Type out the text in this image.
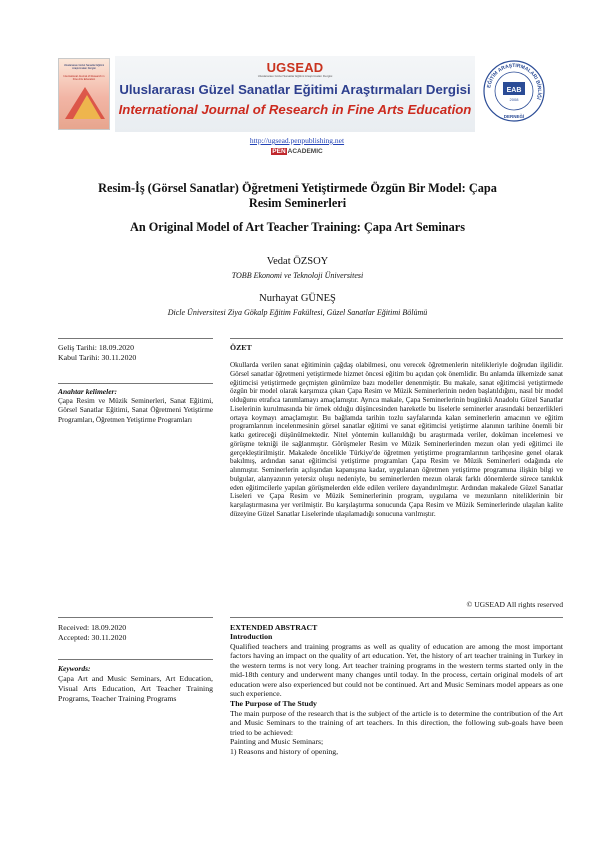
Uluslararası Güzel Sanatlar Eğitimi Araştırmaları Dergisi
International Journal of Research in Fine Arts Education
UGSEAD
Uluslararası Güzel Sanatlar Eğitimi Araştırmaları Dergisi
Uluslararası Güzel Sanatlar Eğitimi Araştırmaları Dergisi
International Journal of Research in Fine Arts Education
http://ugsead.penpublishing.net
PEN ACADEMIC
EĞİTİM ARAŞTIRMALARI BİRLİĞİ
EAB
2008
DERNEĞİ
Resim-İş (Görsel Sanatlar) Öğretmeni Yetiştirmede Özgün Bir Model: Çapa
Resim Seminerleri
An Original Model of Art Teacher Training: Çapa Art Seminars
Vedat ÖZSOY
TOBB Ekonomi ve Teknoloji Üniversitesi
Nurhayat GÜNEŞ
Dicle Üniversitesi Ziya Gökalp Eğitim Fakültesi, Güzel Sanatlar Eğitimi Bölümü
Geliş Tarihi: 18.09.2020
Kabul Tarihi: 30.11.2020
Anahtar kelimeler:
Çapa Resim ve Müzik Seminerleri, Sanat Eğitimi, Görsel Sanatlar Eğitimi, Sanat Öğretmeni Yetiştirme Programları, Öğretmen Yetiştirme Programları
ÖZET
Okullarda verilen sanat eğitiminin çağdaş olabilmesi, onu verecek öğretmenlerin nitelikleriyle doğrudan ilgilidir. Görsel sanatlar öğretmeni yetiştirmede hizmet öncesi eğitim bu açıdan çok önemlidir. Bu anlamda ülkemizde sanat eğitimcisi yetiştirmede geçmişten günümüze bazı modeller denenmiştir. Bu makale, sanat eğitimcisi yetiştirmede özgün bir model olarak karşımıza çıkan Çapa Resim ve Müzik Seminerlerinin neden başlatıldığını, nasıl bir model olduğunu etrafıca tanımlamayı amaçlamıştır. Ayrıca makale, Çapa Seminerlerinin bugünkü Anadolu Güzel Sanatlar Liselerinin kurulmasında bir örnek olduğu düşüncesinden hareketle bu liselerle seminerler arasındaki benzerlikleri ortaya koymayı amaçlamıştır. Bu bağlamda tarihin tozlu sayfalarında kalan seminerlerin amacının ve eğitim programlarının incelenmesinin görsel sanatlar eğitimi ve sanat eğitimcisi yetiştirme alanının tarihine önemli bir katkı getireceği düşünülmektedir. Nitel yöntemin kullanıldığı bu araştırmada veriler, doküman incelemesi ve görüşme tekniği ile sağlanmıştır. Görüşmeler Resim ve Müzik Seminerlerinden mezun olan yedi eğitimci ile gerçekleştirilmiştir. Makalede öncelikle Türkiye'de öğretmen yetiştirme programlarının tarihçesine genel olarak bakılmış, ardından sanat eğitimcisi yetiştirme programları Çapa Resim ve Müzik Seminerleri odağında ele alınmıştır. Seminerlerin açılışından kapanışına kadar, uygulanan öğretmen yetiştirme programına ilişkin bilgi ve bulgular, alanyazının yetersiz oluşu nedeniyle, bu seminerlerden mezun olarak farklı dönemlerde sürece tanıklık eden eğitimcilerle yapılan görüşmelerden elde edilen verilere dayandırılmıştır. Ardından makalede Güzel Sanatlar Liseleri ve Çapa Resim ve Müzik Seminerlerinin program, uygulama ve mezunların niteliklerinin bir karşılaştırmasına yer verilmiştir. Bu karşılaştırma sonucunda Çapa Resim ve Müzik Seminerlerinde ulaşılan kalite düzeyine Güzel Sanatlar Liselerinde ulaşılamadığı sonucuna varılmıştır.
© UGSEAD All rights reserved
Received: 18.09.2020
Accepted: 30.11.2020
Keywords:
Çapa Art and Music Seminars, Art Education, Visual Arts Education, Art Teacher Training Programs, Teacher Training Programs
EXTENDED ABSTRACT
Introduction
Qualified teachers and training programs as well as quality of education are among the most important factors having an impact on the quality of art education. Yet, the history of art teacher training in Turkey in the western terms is not very long. Art teacher training programs in the western terms started only in the mid-18th century and underwent many changes until today. In the process, certain original models of art education were also experienced but could not be continued. Art and Music Seminars model appears as one such experience.
The Purpose of The Study
The main purpose of the research that is the subject of the article is to determine the contribution of the Art and Music Seminars to the training of art teachers. In this direction, the following sub-goals have been tried to be achieved:
Painting and Music Seminars;
1) Reasons and history of opening,
